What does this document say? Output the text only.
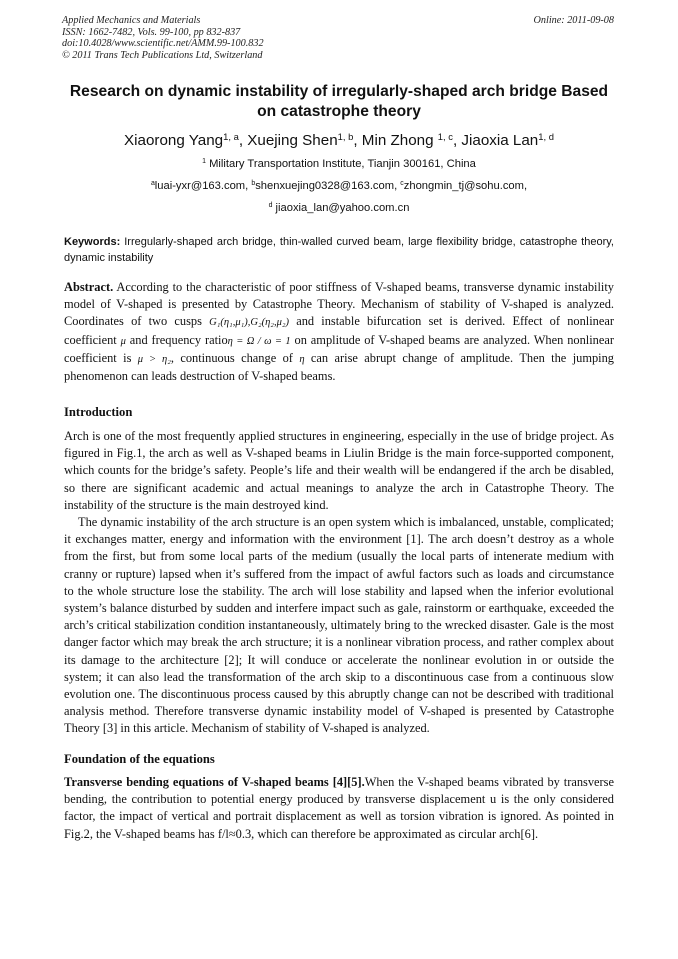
Applied Mechanics and Materials
ISSN: 1662-7482, Vols. 99-100, pp 832-837
doi:10.4028/www.scientific.net/AMM.99-100.832
© 2011 Trans Tech Publications Ltd, Switzerland
Online: 2011-09-08
Research on dynamic instability of irregularly-shaped arch bridge Based
on catastrophe theory
Xiaorong Yang$^{1, a}$, Xuejing Shen$^{1, b}$, Min Zhong $^{1, c}$, Jiaoxia Lan$^{1, d}$
$^1$ Military Transportation Institute, Tianjin 300161, China
$^a$luai-yxr@163.com, $^b$shenxuejing0328@163.com, $^c$zhongmin_tj@sohu.com,
$^d$ jiaoxia_lan@yahoo.com.cn
Keywords: Irregularly-shaped arch bridge, thin-walled curved beam, large flexibility bridge, catastrophe theory, dynamic instability

Abstract. According to the characteristic of poor stiffness of V-shaped beams, transverse dynamic instability model of V-shaped is presented by Catastrophe Theory. Mechanism of stability of V-shaped is analyzed. Coordinates of two cusps G₁(η₁,μ₁),G₂(η₂,μ₂) and instable bifurcation set is derived. Effect of nonlinear coefficient μ and frequency ratioη = Ω / ω = 1 on amplitude of V-shaped beams are analyzed. When nonlinear coefficient is μ > η₂, continuous change of η can arise abrupt change of amplitude. Then the jumping phenomenon can leads destruction of V-shaped beams.

Introduction

Arch is one of the most frequently applied structures in engineering, especially in the use of bridge project. As figured in Fig.1, the arch as well as V-shaped beams in Liulin Bridge is the main force-supported component, which counts for the bridge’s safety. People’s life and their wealth will be endangered if the arch be disabled, so there are significant academic and actual meanings to analyze the arch in Catastrophe Theory. The instability of the structure is the main destroyed kind.

The dynamic instability of the arch structure is an open system which is imbalanced, unstable, complicated; it exchanges matter, energy and information with the environment [1]. The arch doesn’t destroy as a whole from the first, but from some local parts of the medium (usually the local parts of intenerate medium with cranny or rupture) lapsed when it’s suffered from the impact of awful factors such as loads and circumstance to the whole structure lose the stability. The arch will lose stability and lapsed when the inferior evolutional system’s balance disturbed by sudden and interfere impact such as gale, rainstorm or earthquake, exceeded the arch’s critical stabilization condition instantaneously, ultimately bring to the wrecked disaster. Gale is the most danger factor which may break the arch structure; it is a nonlinear vibration process, and rather complex about its damage to the architecture [2]; It will conduce or accelerate the nonlinear evolution in or outside the system; it can also lead the transformation of the arch skip to a discontinuous case from a continuous slow evolution one. The discontinuous process caused by this abruptly change can not be described with traditional analysis method. Therefore transverse dynamic instability model of V-shaped is presented by Catastrophe Theory [3] in this article. Mechanism of stability of V-shaped is analyzed.

Foundation of the equations

Transverse bending equations of V-shaped beams [4][5].When the V-shaped beams vibrated by transverse bending, the contribution to potential energy produced by transverse displacement u is the only considered factor, the impact of vertical and portrait displacement as well as torsion vibration is ignored. As pointed in Fig.2, the V-shaped beams has f/l≈0.3, which can therefore be approximated as circular arch[6].
